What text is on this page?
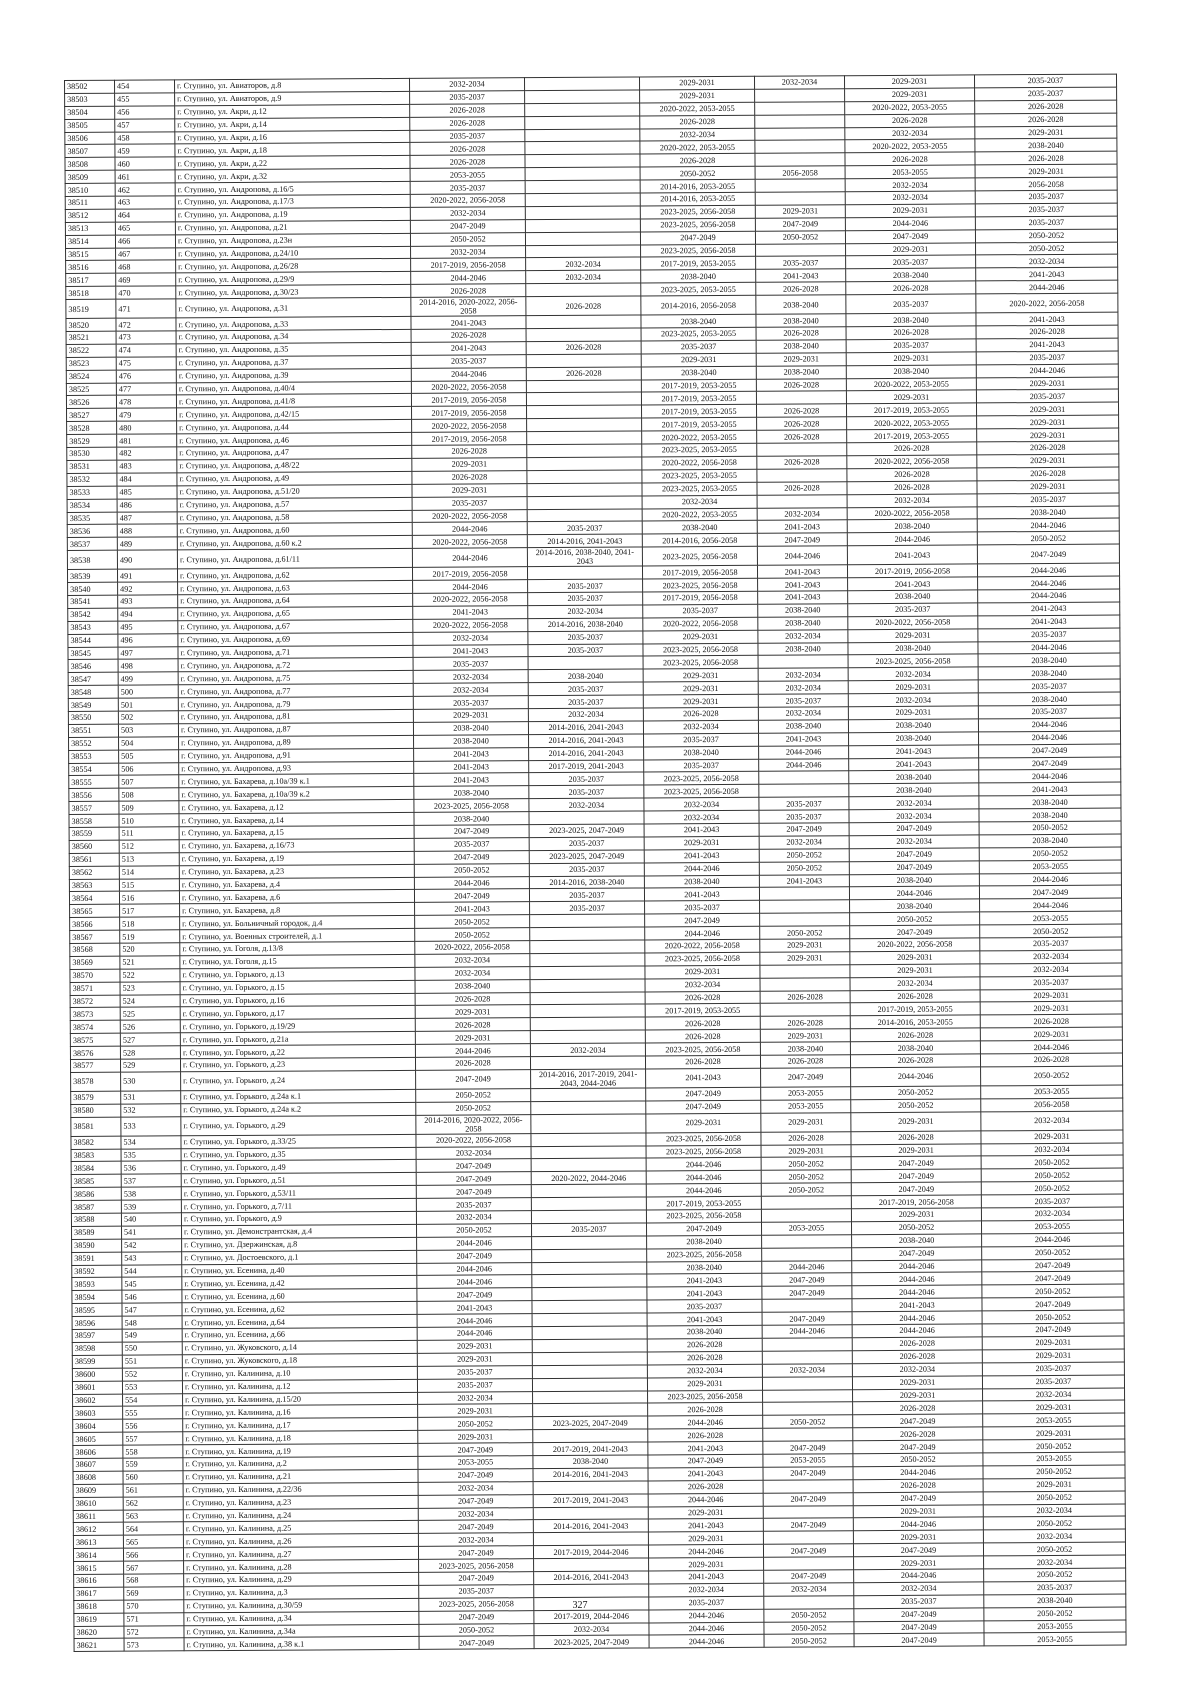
38502	454	г. Ступино, ул. Авиаторов, д.8	2032-2034		2029-2031	2032-2034	2029-2031	2035-2037
38503	455	г. Ступино, ул. Авиаторов, д.9	2035-2037		2029-2031		2029-2031	2035-2037
38504	456	г. Ступино, ул. Акри, д.12	2026-2028		2020-2022, 2053-2055		2020-2022, 2053-2055	2026-2028
38505	457	г. Ступино, ул. Акри, д.14	2026-2028		2026-2028		2026-2028	2026-2028
38506	458	г. Ступино, ул. Акри, д.16	2035-2037		2032-2034		2032-2034	2029-2031
38507	459	г. Ступино, ул. Акри, д.18	2026-2028		2020-2022, 2053-2055		2020-2022, 2053-2055	2038-2040
38508	460	г. Ступино, ул. Акри, д.22	2026-2028		2026-2028		2026-2028	2026-2028
38509	461	г. Ступино, ул. Акри, д.32	2053-2055		2050-2052	2056-2058	2053-2055	2029-2031
38510	462	г. Ступино, ул. Андропова, д.16/5	2035-2037		2014-2016, 2053-2055		2032-2034	2056-2058
38511	463	г. Ступино, ул. Андропова, д.17/3	2020-2022, 2056-2058		2014-2016, 2053-2055		2032-2034	2035-2037
38512	464	г. Ступино, ул. Андропова, д.19	2032-2034		2023-2025, 2056-2058	2029-2031	2029-2031	2035-2037
38513	465	г. Ступино, ул. Андропова, д.21	2047-2049		2023-2025, 2056-2058	2047-2049	2044-2046	2035-2037
38514	466	г. Ступино, ул. Андропова, д.23н	2050-2052		2047-2049	2050-2052	2047-2049	2050-2052
38515	467	г. Ступино, ул. Андропова, д.24/10	2032-2034		2023-2025, 2056-2058		2029-2031	2050-2052
38516	468	г. Ступино, ул. Андропова, д.26/28	2017-2019, 2056-2058	2032-2034	2017-2019, 2053-2055	2035-2037	2035-2037	2032-2034
38517	469	г. Ступино, ул. Андропова, д.29/9	2044-2046	2032-2034	2038-2040	2041-2043	2038-2040	2041-2043
38518	470	г. Ступино, ул. Андропова, д.30/23	2026-2028		2023-2025, 2053-2055	2026-2028	2026-2028	2044-2046
38519	471	г. Ступино, ул. Андропова, д.31	2014-2016, 2020-2022, 2056-2058	2026-2028	2014-2016, 2056-2058	2038-2040	2035-2037	2020-2022, 2056-2058
38520	472	г. Ступино, ул. Андропова, д.33	2041-2043		2038-2040	2038-2040	2038-2040	2041-2043
38521	473	г. Ступино, ул. Андропова, д.34	2026-2028		2023-2025, 2053-2055	2026-2028	2026-2028	2026-2028
38522	474	г. Ступино, ул. Андропова, д.35	2041-2043	2026-2028	2035-2037	2038-2040	2035-2037	2041-2043
38523	475	г. Ступино, ул. Андропова, д.37	2035-2037		2029-2031	2029-2031	2029-2031	2035-2037
38524	476	г. Ступино, ул. Андропова, д.39	2044-2046	2026-2028	2038-2040	2038-2040	2038-2040	2044-2046
38525	477	г. Ступино, ул. Андропова, д.40/4	2020-2022, 2056-2058		2017-2019, 2053-2055	2026-2028	2020-2022, 2053-2055	2029-2031
38526	478	г. Ступино, ул. Андропова, д.41/8	2017-2019, 2056-2058		2017-2019, 2053-2055		2029-2031	2035-2037
38527	479	г. Ступино, ул. Андропова, д.42/15	2017-2019, 2056-2058		2017-2019, 2053-2055	2026-2028	2017-2019, 2053-2055	2029-2031
38528	480	г. Ступино, ул. Андропова, д.44	2020-2022, 2056-2058		2017-2019, 2053-2055	2026-2028	2020-2022, 2053-2055	2029-2031
38529	481	г. Ступино, ул. Андропова, д.46	2017-2019, 2056-2058		2020-2022, 2053-2055	2026-2028	2017-2019, 2053-2055	2029-2031
38530	482	г. Ступино, ул. Андропова, д.47	2026-2028		2023-2025, 2053-2055		2026-2028	2026-2028
38531	483	г. Ступино, ул. Андропова, д.48/22	2029-2031		2020-2022, 2056-2058	2026-2028	2020-2022, 2056-2058	2029-2031
38532	484	г. Ступино, ул. Андропова, д.49	2026-2028		2023-2025, 2053-2055		2026-2028	2026-2028
38533	485	г. Ступино, ул. Андропова, д.51/20	2029-2031		2023-2025, 2053-2055	2026-2028	2026-2028	2029-2031
38534	486	г. Ступино, ул. Андропова, д.57	2035-2037		2032-2034		2032-2034	2035-2037
38535	487	г. Ступино, ул. Андропова, д.58	2020-2022, 2056-2058		2020-2022, 2053-2055	2032-2034	2020-2022, 2056-2058	2038-2040
38536	488	г. Ступино, ул. Андропова, д.60	2044-2046	2035-2037	2038-2040	2041-2043	2038-2040	2044-2046
38537	489	г. Ступино, ул. Андропова, д.60 к.2	2020-2022, 2056-2058	2014-2016, 2041-2043	2014-2016, 2056-2058	2047-2049	2044-2046	2050-2052
38538	490	г. Ступино, ул. Андропова, д.61/11	2044-2046	2014-2016, 2038-2040, 2041-2043	2023-2025, 2056-2058	2044-2046	2041-2043	2047-2049
38539	491	г. Ступино, ул. Андропова, д.62	2017-2019, 2056-2058		2017-2019, 2056-2058	2041-2043	2017-2019, 2056-2058	2044-2046
38540	492	г. Ступино, ул. Андропова, д.63	2044-2046	2035-2037	2023-2025, 2056-2058	2041-2043	2041-2043	2044-2046
38541	493	г. Ступино, ул. Андропова, д.64	2020-2022, 2056-2058	2035-2037	2017-2019, 2056-2058	2041-2043	2038-2040	2044-2046
38542	494	г. Ступино, ул. Андропова, д.65	2041-2043	2032-2034	2035-2037	2038-2040	2035-2037	2041-2043
38543	495	г. Ступино, ул. Андропова, д.67	2020-2022, 2056-2058	2014-2016, 2038-2040	2020-2022, 2056-2058	2038-2040	2020-2022, 2056-2058	2041-2043
38544	496	г. Ступино, ул. Андропова, д.69	2032-2034	2035-2037	2029-2031	2032-2034	2029-2031	2035-2037
38545	497	г. Ступино, ул. Андропова, д.71	2041-2043	2035-2037	2023-2025, 2056-2058	2038-2040	2038-2040	2044-2046
38546	498	г. Ступино, ул. Андропова, д.72	2035-2037		2023-2025, 2056-2058		2023-2025, 2056-2058	2038-2040
38547	499	г. Ступино, ул. Андропова, д.75	2032-2034	2038-2040	2029-2031	2032-2034	2032-2034	2038-2040
38548	500	г. Ступино, ул. Андропова, д.77	2032-2034	2035-2037	2029-2031	2032-2034	2029-2031	2035-2037
38549	501	г. Ступино, ул. Андропова, д.79	2035-2037	2035-2037	2029-2031	2035-2037	2032-2034	2038-2040
38550	502	г. Ступино, ул. Андропова, д.81	2029-2031	2032-2034	2026-2028	2032-2034	2029-2031	2035-2037
38551	503	г. Ступино, ул. Андропова, д.87	2038-2040	2014-2016, 2041-2043	2032-2034	2038-2040	2038-2040	2044-2046
38552	504	г. Ступино, ул. Андропова, д.89	2038-2040	2014-2016, 2041-2043	2035-2037	2041-2043	2038-2040	2044-2046
38553	505	г. Ступино, ул. Андропова, д.91	2041-2043	2014-2016, 2041-2043	2038-2040	2044-2046	2041-2043	2047-2049
38554	506	г. Ступино, ул. Андропова, д.93	2041-2043	2017-2019, 2041-2043	2035-2037	2044-2046	2041-2043	2047-2049
38555	507	г. Ступино, ул. Бахарева, д.10а/39 к.1	2041-2043	2035-2037	2023-2025, 2056-2058		2038-2040	2044-2046
38556	508	г. Ступино, ул. Бахарева, д.10а/39 к.2	2038-2040	2035-2037	2023-2025, 2056-2058		2038-2040	2041-2043
38557	509	г. Ступино, ул. Бахарева, д.12	2023-2025, 2056-2058	2032-2034	2032-2034	2035-2037	2032-2034	2038-2040
38558	510	г. Ступино, ул. Бахарева, д.14	2038-2040		2032-2034	2035-2037	2032-2034	2038-2040
38559	511	г. Ступино, ул. Бахарева, д.15	2047-2049	2023-2025, 2047-2049	2041-2043	2047-2049	2047-2049	2050-2052
38560	512	г. Ступино, ул. Бахарева, д.16/73	2035-2037	2035-2037	2029-2031	2032-2034	2032-2034	2038-2040
38561	513	г. Ступино, ул. Бахарева, д.19	2047-2049	2023-2025, 2047-2049	2041-2043	2050-2052	2047-2049	2050-2052
38562	514	г. Ступино, ул. Бахарева, д.23	2050-2052	2035-2037	2044-2046	2050-2052	2047-2049	2053-2055
38563	515	г. Ступино, ул. Бахарева, д.4	2044-2046	2014-2016, 2038-2040	2038-2040	2041-2043	2038-2040	2044-2046
38564	516	г. Ступино, ул. Бахарева, д.6	2047-2049	2035-2037	2041-2043		2044-2046	2047-2049
38565	517	г. Ступино, ул. Бахарева, д.8	2041-2043	2035-2037	2035-2037		2038-2040	2044-2046
38566	518	г. Ступино, ул. Больничный городок, д.4	2050-2052		2047-2049		2050-2052	2053-2055
38567	519	г. Ступино, ул. Военных строителей, д.1	2050-2052		2044-2046	2050-2052	2047-2049	2050-2052
38568	520	г. Ступино, ул. Гоголя, д.13/8	2020-2022, 2056-2058		2020-2022, 2056-2058	2029-2031	2020-2022, 2056-2058	2035-2037
38569	521	г. Ступино, ул. Гоголя, д.15	2032-2034		2023-2025, 2056-2058	2029-2031	2029-2031	2032-2034
38570	522	г. Ступино, ул. Горького, д.13	2032-2034		2029-2031		2029-2031	2032-2034
38571	523	г. Ступино, ул. Горького, д.15	2038-2040		2032-2034		2032-2034	2035-2037
38572	524	г. Ступино, ул. Горького, д.16	2026-2028		2026-2028	2026-2028	2026-2028	2029-2031
38573	525	г. Ступино, ул. Горького, д.17	2029-2031		2017-2019, 2053-2055		2017-2019, 2053-2055	2029-2031
38574	526	г. Ступино, ул. Горького, д.19/29	2026-2028		2026-2028	2026-2028	2014-2016, 2053-2055	2026-2028
38575	527	г. Ступино, ул. Горького, д.21а	2029-2031		2026-2028	2029-2031	2026-2028	2029-2031
38576	528	г. Ступино, ул. Горького, д.22	2044-2046	2032-2034	2023-2025, 2056-2058	2038-2040	2038-2040	2044-2046
38577	529	г. Ступино, ул. Горького, д.23	2026-2028		2026-2028	2026-2028	2026-2028	2026-2028
38578	530	г. Ступино, ул. Горького, д.24	2047-2049	2014-2016, 2017-2019, 2041-2043, 2044-2046	2041-2043	2047-2049	2044-2046	2050-2052
38579	531	г. Ступино, ул. Горького, д.24а к.1	2050-2052		2047-2049	2053-2055	2050-2052	2053-2055
38580	532	г. Ступино, ул. Горького, д.24а к.2	2050-2052		2047-2049	2053-2055	2050-2052	2056-2058
38581	533	г. Ступино, ул. Горького, д.29	2014-2016, 2020-2022, 2056-2058		2029-2031	2029-2031	2029-2031	2032-2034
38582	534	г. Ступино, ул. Горького, д.33/25	2020-2022, 2056-2058		2023-2025, 2056-2058	2026-2028	2026-2028	2029-2031
38583	535	г. Ступино, ул. Горького, д.35	2032-2034		2023-2025, 2056-2058	2029-2031	2029-2031	2032-2034
38584	536	г. Ступино, ул. Горького, д.49	2047-2049		2044-2046	2050-2052	2047-2049	2050-2052
38585	537	г. Ступино, ул. Горького, д.51	2047-2049	2020-2022, 2044-2046	2044-2046	2050-2052	2047-2049	2050-2052
38586	538	г. Ступино, ул. Горького, д.53/11	2047-2049		2044-2046	2050-2052	2047-2049	2050-2052
38587	539	г. Ступино, ул. Горького, д.7/11	2035-2037		2017-2019, 2053-2055		2017-2019, 2056-2058	2035-2037
38588	540	г. Ступино, ул. Горького, д.9	2032-2034		2023-2025, 2056-2058		2029-2031	2032-2034
38589	541	г. Ступино, ул. Демонстрантская, д.4	2050-2052	2035-2037	2047-2049	2053-2055	2050-2052	2053-2055
38590	542	г. Ступино, ул. Дзержинская, д.8	2044-2046		2038-2040		2038-2040	2044-2046
38591	543	г. Ступино, ул. Достоевского, д.1	2047-2049		2023-2025, 2056-2058		2047-2049	2050-2052
38592	544	г. Ступино, ул. Есенина, д.40	2044-2046		2038-2040	2044-2046	2044-2046	2047-2049
38593	545	г. Ступино, ул. Есенина, д.42	2044-2046		2041-2043	2047-2049	2044-2046	2047-2049
38594	546	г. Ступино, ул. Есенина, д.60	2047-2049		2041-2043	2047-2049	2044-2046	2050-2052
38595	547	г. Ступино, ул. Есенина, д.62	2041-2043		2035-2037		2041-2043	2047-2049
38596	548	г. Ступино, ул. Есенина, д.64	2044-2046		2041-2043	2047-2049	2044-2046	2050-2052
38597	549	г. Ступино, ул. Есенина, д.66	2044-2046		2038-2040	2044-2046	2044-2046	2047-2049
38598	550	г. Ступино, ул. Жуковского, д.14	2029-2031		2026-2028		2026-2028	2029-2031
38599	551	г. Ступино, ул. Жуковского, д.18	2029-2031		2026-2028		2026-2028	2029-2031
38600	552	г. Ступино, ул. Калинина, д.10	2035-2037		2032-2034	2032-2034	2032-2034	2035-2037
38601	553	г. Ступино, ул. Калинина, д.12	2035-2037		2029-2031		2029-2031	2035-2037
38602	554	г. Ступино, ул. Калинина, д.15/20	2032-2034		2023-2025, 2056-2058		2029-2031	2032-2034
38603	555	г. Ступино, ул. Калинина, д.16	2029-2031		2026-2028		2026-2028	2029-2031
38604	556	г. Ступино, ул. Калинина, д.17	2050-2052	2023-2025, 2047-2049	2044-2046	2050-2052	2047-2049	2053-2055
38605	557	г. Ступино, ул. Калинина, д.18	2029-2031		2026-2028		2026-2028	2029-2031
38606	558	г. Ступино, ул. Калинина, д.19	2047-2049	2017-2019, 2041-2043	2041-2043	2047-2049	2047-2049	2050-2052
38607	559	г. Ступино, ул. Калинина, д.2	2053-2055	2038-2040	2047-2049	2053-2055	2050-2052	2053-2055
38608	560	г. Ступино, ул. Калинина, д.21	2047-2049	2014-2016, 2041-2043	2041-2043	2047-2049	2044-2046	2050-2052
38609	561	г. Ступино, ул. Калинина, д.22/36	2032-2034		2026-2028		2026-2028	2029-2031
38610	562	г. Ступино, ул. Калинина, д.23	2047-2049	2017-2019, 2041-2043	2044-2046	2047-2049	2047-2049	2050-2052
38611	563	г. Ступино, ул. Калинина, д.24	2032-2034		2029-2031		2029-2031	2032-2034
38612	564	г. Ступино, ул. Калинина, д.25	2047-2049	2014-2016, 2041-2043	2041-2043	2047-2049	2044-2046	2050-2052
38613	565	г. Ступино, ул. Калинина, д.26	2032-2034		2029-2031		2029-2031	2032-2034
38614	566	г. Ступино, ул. Калинина, д.27	2047-2049	2017-2019, 2044-2046	2044-2046	2047-2049	2047-2049	2050-2052
38615	567	г. Ступино, ул. Калинина, д.28	2023-2025, 2056-2058		2029-2031		2029-2031	2032-2034
38616	568	г. Ступино, ул. Калинина, д.29	2047-2049	2014-2016, 2041-2043	2041-2043	2047-2049	2044-2046	2050-2052
38617	569	г. Ступино, ул. Калинина, д.3	2035-2037		2032-2034	2032-2034	2032-2034	2035-2037
38618	570	г. Ступино, ул. Калинина, д.30/59	2023-2025, 2056-2058		2035-2037		2035-2037	2038-2040
38619	571	г. Ступино, ул. Калинина, д.34	2047-2049	2017-2019, 2044-2046	2044-2046	2050-2052	2047-2049	2050-2052
38620	572	г. Ступино, ул. Калинина, д.34а	2050-2052	2032-2034	2044-2046	2050-2052	2047-2049	2053-2055
38621	573	г. Ступино, ул. Калинина, д.38 к.1	2047-2049	2023-2025, 2047-2049	2044-2046	2050-2052	2047-2049	2053-2055
327
